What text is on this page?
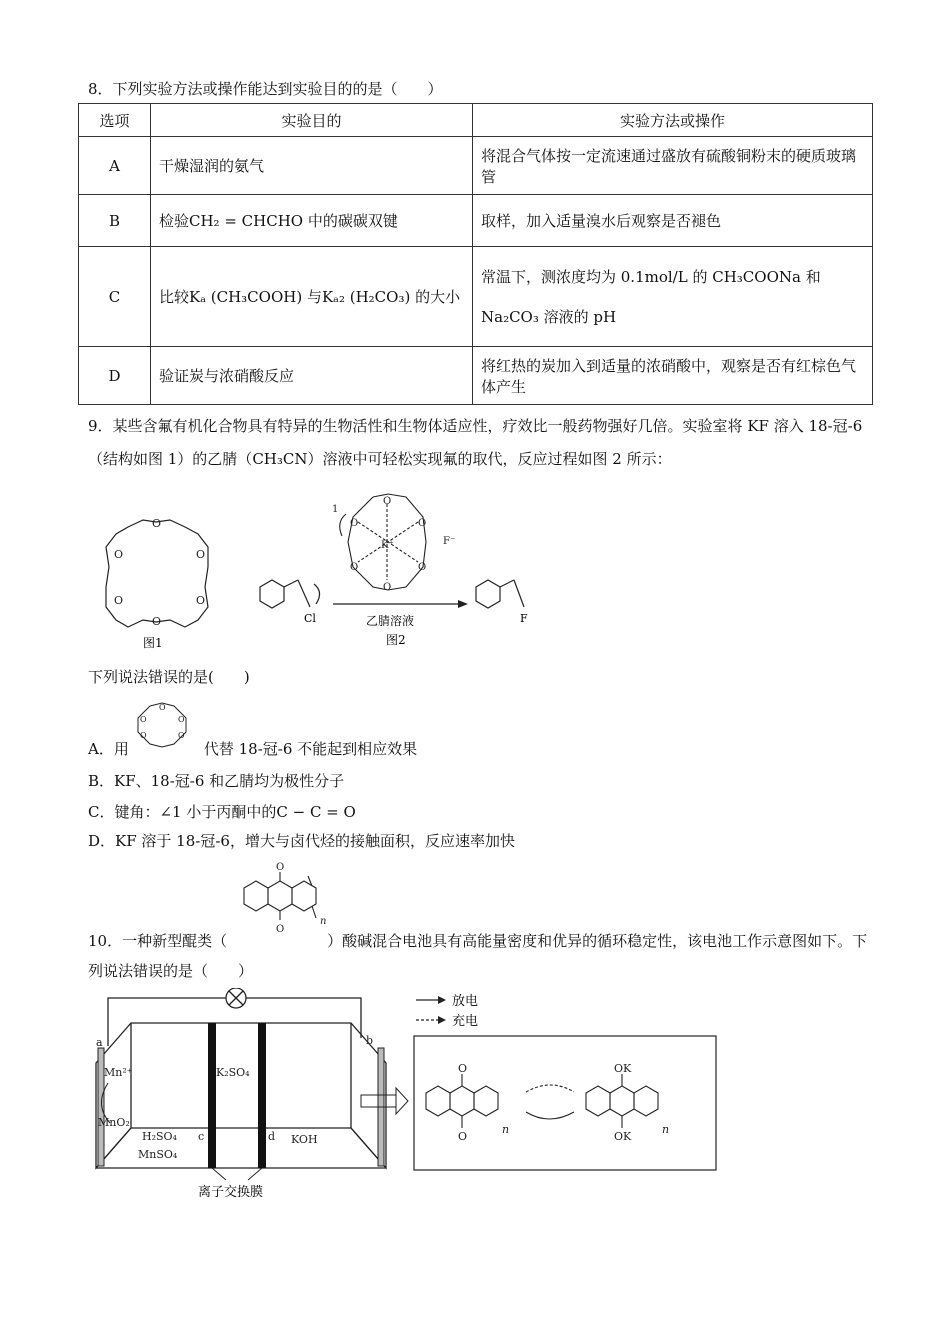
8．下列实验方法或操作能达到实验目的的是（　　）
选项	实验目的	实验方法或操作
A	干燥湿润的氨气	将混合气体按一定流速通过盛放有硫酸铜粉末的硬质玻璃管
B	检验CH₂ = CHCHO 中的碳碳双键	取样，加入适量溴水后观察是否褪色
C	比较Kₐ (CH₃COOH) 与Kₐ₂ (H₂CO₃) 的大小	常温下，测浓度均为 0.1mol/L 的 CH₃COONa 和 Na₂CO₃ 溶液的 pH
D	验证炭与浓硝酸反应	将红热的炭加入到适量的浓硝酸中，观察是否有红棕色气体产生
9．某些含氟有机化合物具有特异的生物活性和生物体适应性，疗效比一般药物强好几倍。实验室将 KF 溶入 18-冠-6（结构如图 1）的乙腈（CH₃CN）溶液中可轻松实现氟的取代，反应过程如图 2 所示：
O
O	O
O	O
O
图1
Cl
O
O	O
O	O
O
K⁺	F⁻
1
乙腈溶液
图2
F
下列说法错误的是(　　)
O
O	O
O	O
A．用　　　　　代替 18-冠-6 不能起到相应效果
B．KF、18-冠-6 和乙腈均为极性分子
C．键角：∠1 小于丙酮中的C − C = O
D．KF 溶于 18-冠-6，增大与卤代烃的接触面积，反应速率加快
O
O
n
10．一种新型醌类（	）酸碱混合电池具有高能量密度和优异的循环稳定性，该电池工作示意图如下。下列说法错误的是（　　）
a	b
Mn²⁺
MnO₂
K₂SO₄
H₂SO₄
MnSO₄
c	d KOH
离子交换膜
放电
充电
O
O
OK
OK
n	n
